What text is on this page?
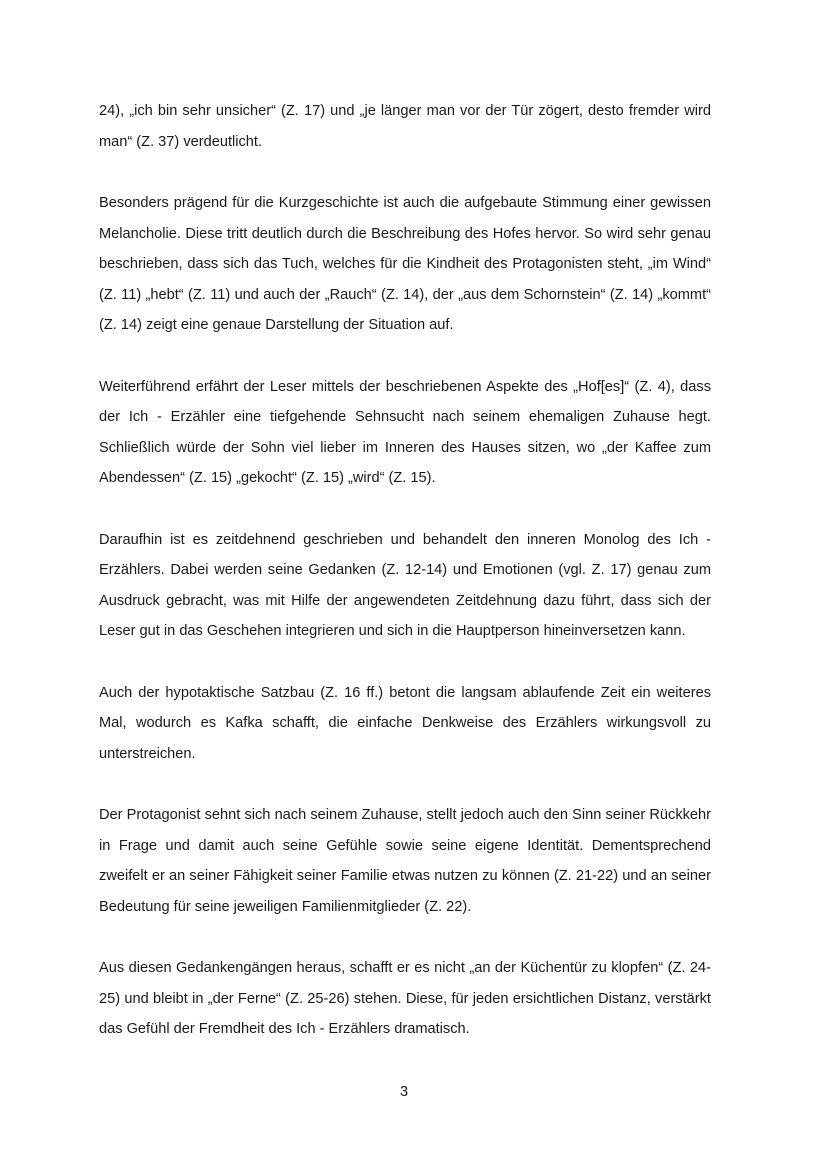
24), „ich bin sehr unsicher“ (Z. 17) und „je länger man vor der Tür zögert, desto fremder wird man“ (Z. 37) verdeutlicht.

Besonders prägend für die Kurzgeschichte ist auch die aufgebaute Stimmung einer gewissen Melancholie. Diese tritt deutlich durch die Beschreibung des Hofes hervor. So wird sehr genau beschrieben, dass sich das Tuch, welches für die Kindheit des Protagonisten steht, „im Wind“ (Z. 11) „hebt“ (Z. 11) und auch der „Rauch“ (Z. 14), der „aus dem Schornstein“ (Z. 14) „kommt“ (Z. 14) zeigt eine genaue Darstellung der Situation auf.

Weiterführend erfährt der Leser mittels der beschriebenen Aspekte des „Hof[es]“ (Z. 4), dass der Ich - Erzähler eine tiefgehende Sehnsucht nach seinem ehemaligen Zuhause hegt. Schließlich würde der Sohn viel lieber im Inneren des Hauses sitzen, wo „der Kaffee zum Abendessen“ (Z. 15) „gekocht“ (Z. 15) „wird“ (Z. 15).

Daraufhin ist es zeitdehnend geschrieben und behandelt den inneren Monolog des Ich - Erzählers. Dabei werden seine Gedanken (Z. 12-14) und Emotionen (vgl. Z. 17) genau zum Ausdruck gebracht, was mit Hilfe der angewendeten Zeitdehnung dazu führt, dass sich der Leser gut in das Geschehen integrieren und sich in die Hauptperson hineinversetzen kann.

Auch der hypotaktische Satzbau (Z. 16 ff.) betont die langsam ablaufende Zeit ein weiteres Mal, wodurch es Kafka schafft, die einfache Denkweise des Erzählers wirkungsvoll zu unterstreichen.

Der Protagonist sehnt sich nach seinem Zuhause, stellt jedoch auch den Sinn seiner Rückkehr in Frage und damit auch seine Gefühle sowie seine eigene Identität. Dementsprechend zweifelt er an seiner Fähigkeit seiner Familie etwas nutzen zu können (Z. 21-22) und an seiner Bedeutung für seine jeweiligen Familienmitglieder (Z. 22).

Aus diesen Gedankengängen heraus, schafft er es nicht „an der Küchentür zu klopfen“ (Z. 24-25) und bleibt in „der Ferne“ (Z. 25-26) stehen. Diese, für jeden ersichtlichen Distanz, verstärkt das Gefühl der Fremdheit des Ich - Erzählers dramatisch.

3
